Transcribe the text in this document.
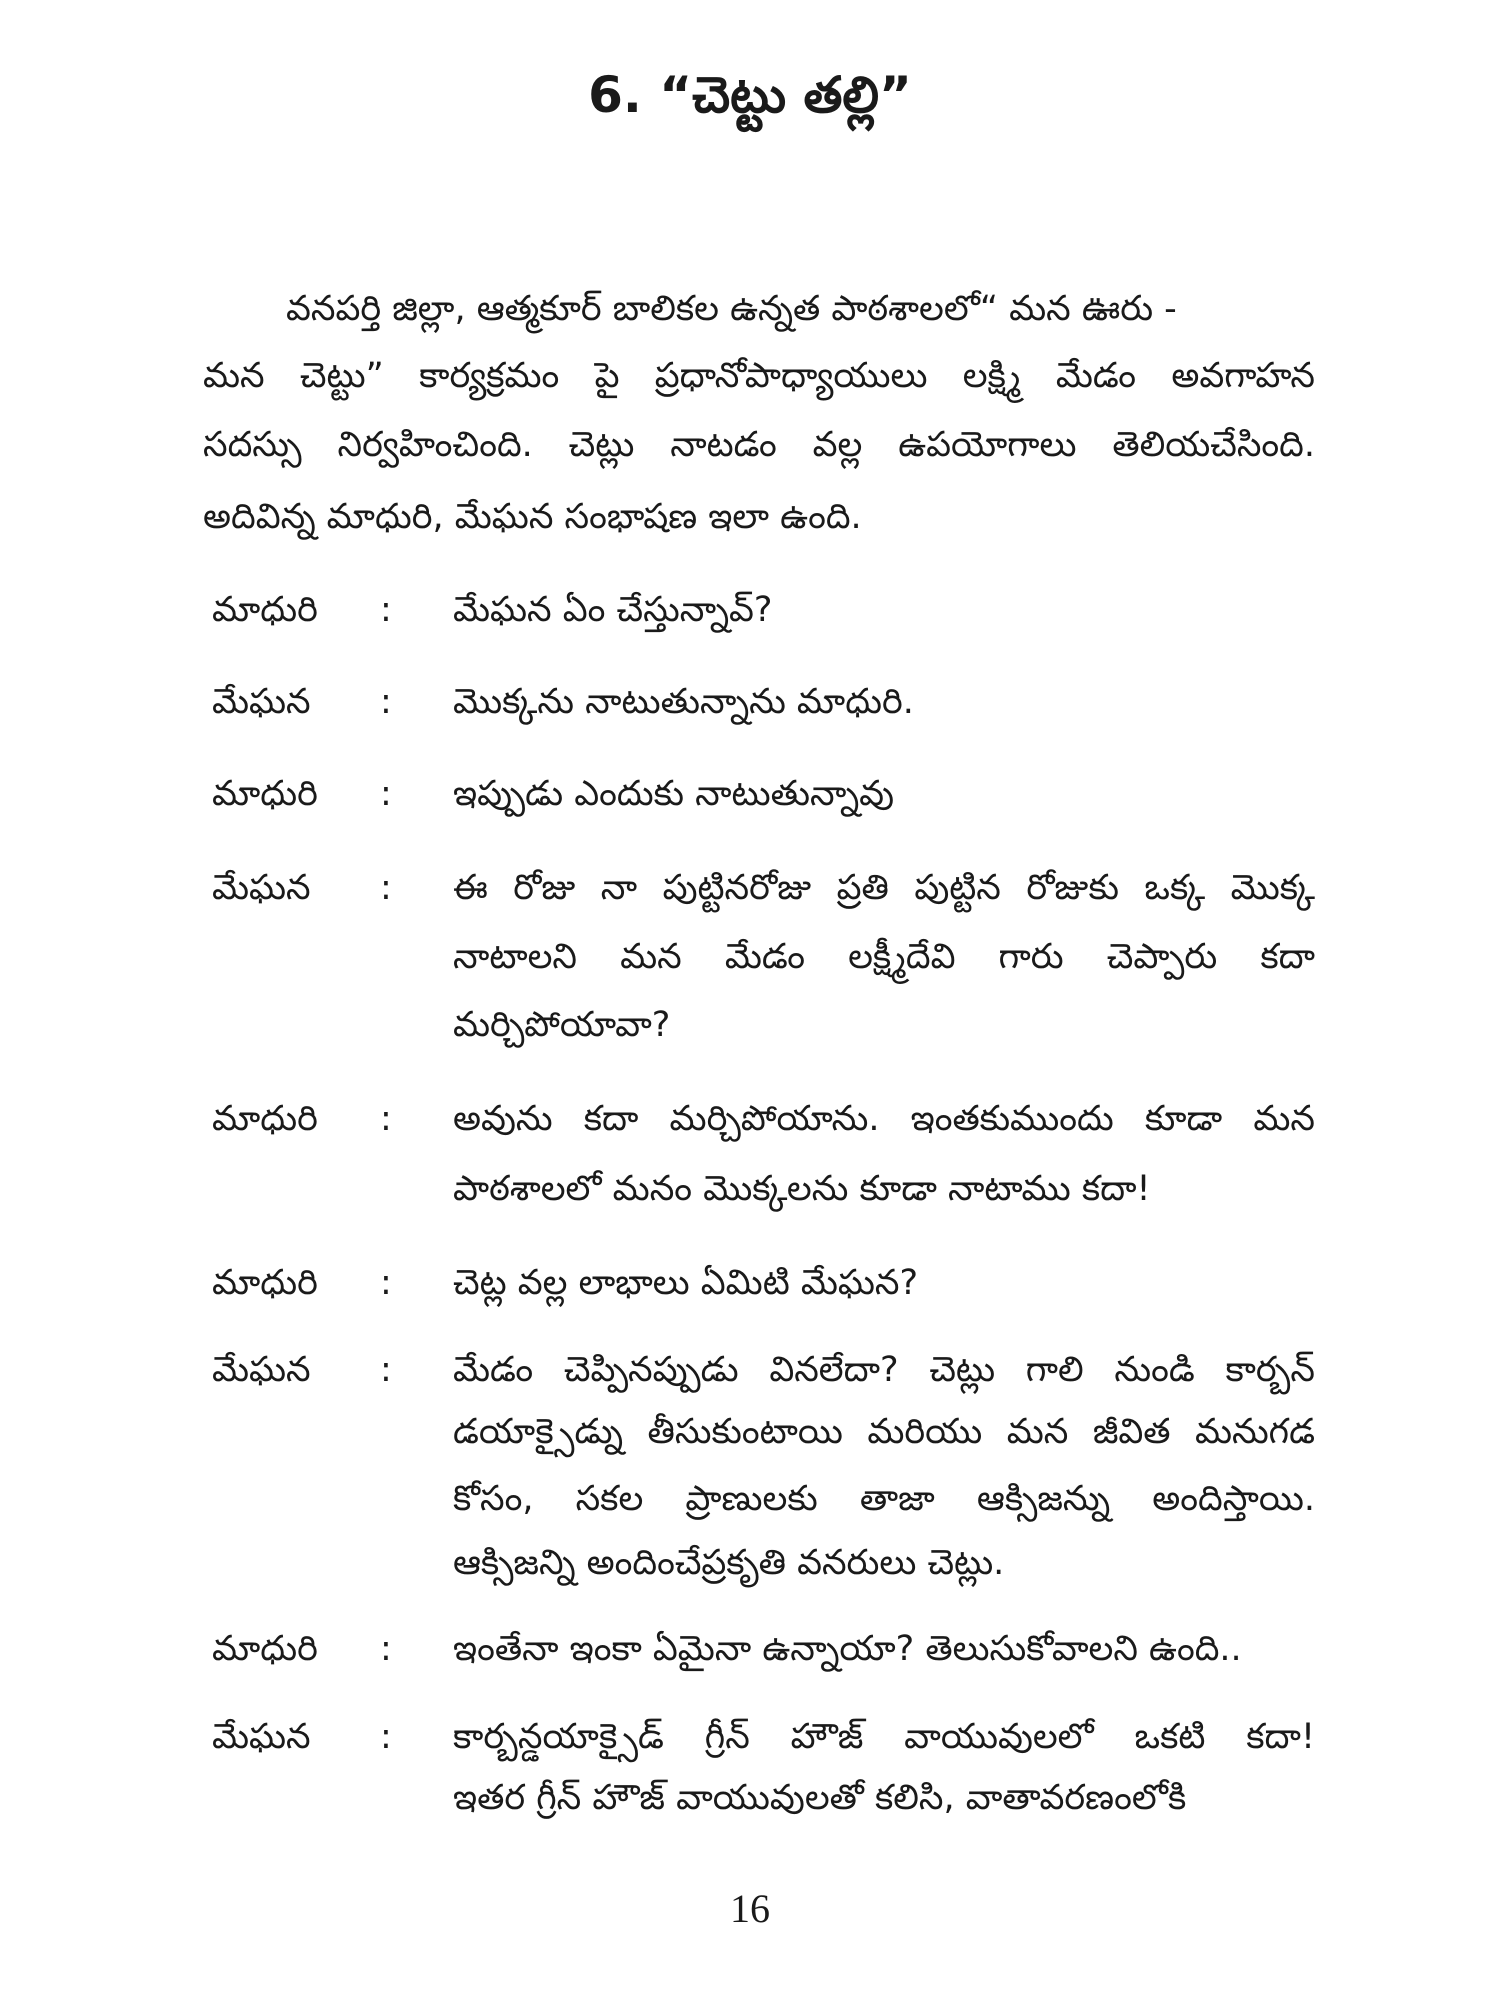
6. “చెట్టు తల్లి”
వనపర్తి జిల్లా, ఆత్మకూర్ బాలికల ఉన్నత పాఠశాలలో“ మన ఊరు -
మన చెట్టు” కార్యక్రమం పై ప్రధానోపాధ్యాయులు లక్ష్మి మేడం అవగాహన
సదస్సు నిర్వహించింది. చెట్లు నాటడం వల్ల ఉపయోగాలు తెలియచేసింది.
అదివిన్న మాధురి, మేఘన సంభాషణ ఇలా ఉంది.
మాధురి : మేఘన ఏం చేస్తున్నావ్?
మేఘన : మొక్కను నాటుతున్నాను మాధురి.
మాధురి : ఇప్పుడు ఎందుకు నాటుతున్నావు
మేఘన : ఈ రోజు నా పుట్టినరోజు ప్రతి పుట్టిన రోజుకు ఒక్క మొక్క
నాటాలని మన మేడం లక్ష్మీదేవి గారు చెప్పారు కదా
మర్చిపోయావా?
మాధురి : అవును కదా మర్చిపోయాను. ఇంతకుముందు కూడా మన
పాఠశాలలో మనం మొక్కలను కూడా నాటాము కదా!
మాధురి : చెట్ల వల్ల లాభాలు ఏమిటి మేఘన?
మేఘన : మేడం చెప్పినప్పుడు వినలేదా? చెట్లు గాలి నుండి కార్బన్
డయాక్సైడ్ను తీసుకుంటాయి మరియు మన జీవిత మనుగడ
కోసం, సకల ప్రాణులకు తాజా ఆక్సిజన్ను అందిస్తాయి.
ఆక్సిజన్ని అందించేప్రకృతి వనరులు చెట్లు.
మాధురి : ఇంతేనా ఇంకా ఏమైనా ఉన్నాయా? తెలుసుకోవాలని ఉంది..
మేఘన : కార్బన్డయాక్సైడ్ గ్రీన్ హౌజ్ వాయువులలో ఒకటి కదా!
ఇతర గ్రీన్ హౌజ్ వాయువులతో కలిసి, వాతావరణంలోకి
16
